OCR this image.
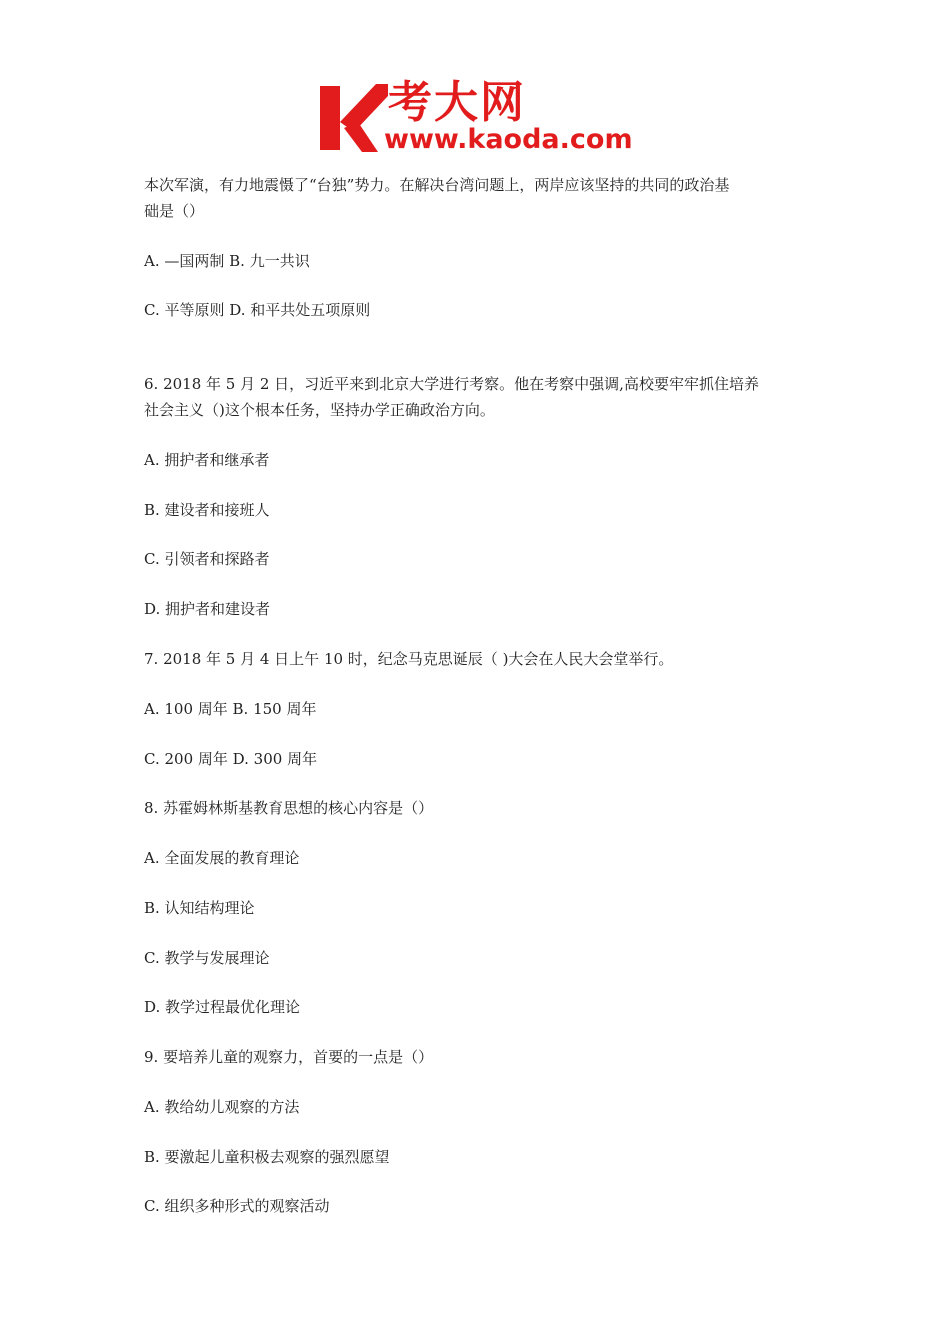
考大网
www.kaoda.com
本次军演，有力地震慑了“台独”势力。在解决台湾问题上，两岸应该坚持的共同的政治基
础是（）
A. —国两制 B. 九一共识
C. 平等原则 D. 和平共处五项原则
6. 2018 年 5 月 2 日，习近平来到北京大学进行考察。他在考察中强调,高校要牢牢抓住培养
社会主义（)这个根本任务，坚持办学正确政治方向。
A. 拥护者和继承者
B. 建设者和接班人
C. 引领者和探路者
D. 拥护者和建设者
7. 2018 年 5 月 4 日上午 10 时，纪念马克思诞辰（ )大会在人民大会堂举行。
A. 100 周年 B. 150 周年
C. 200 周年 D. 300 周年
8. 苏霍姆林斯基教育思想的核心内容是（）
A. 全面发展的教育理论
B. 认知结构理论
C. 教学与发展理论
D. 教学过程最优化理论
9. 要培养儿童的观察力，首要的一点是（）
A. 教给幼儿观察的方法
B. 要激起儿童积极去观察的强烈愿望
C. 组织多种形式的观察活动
